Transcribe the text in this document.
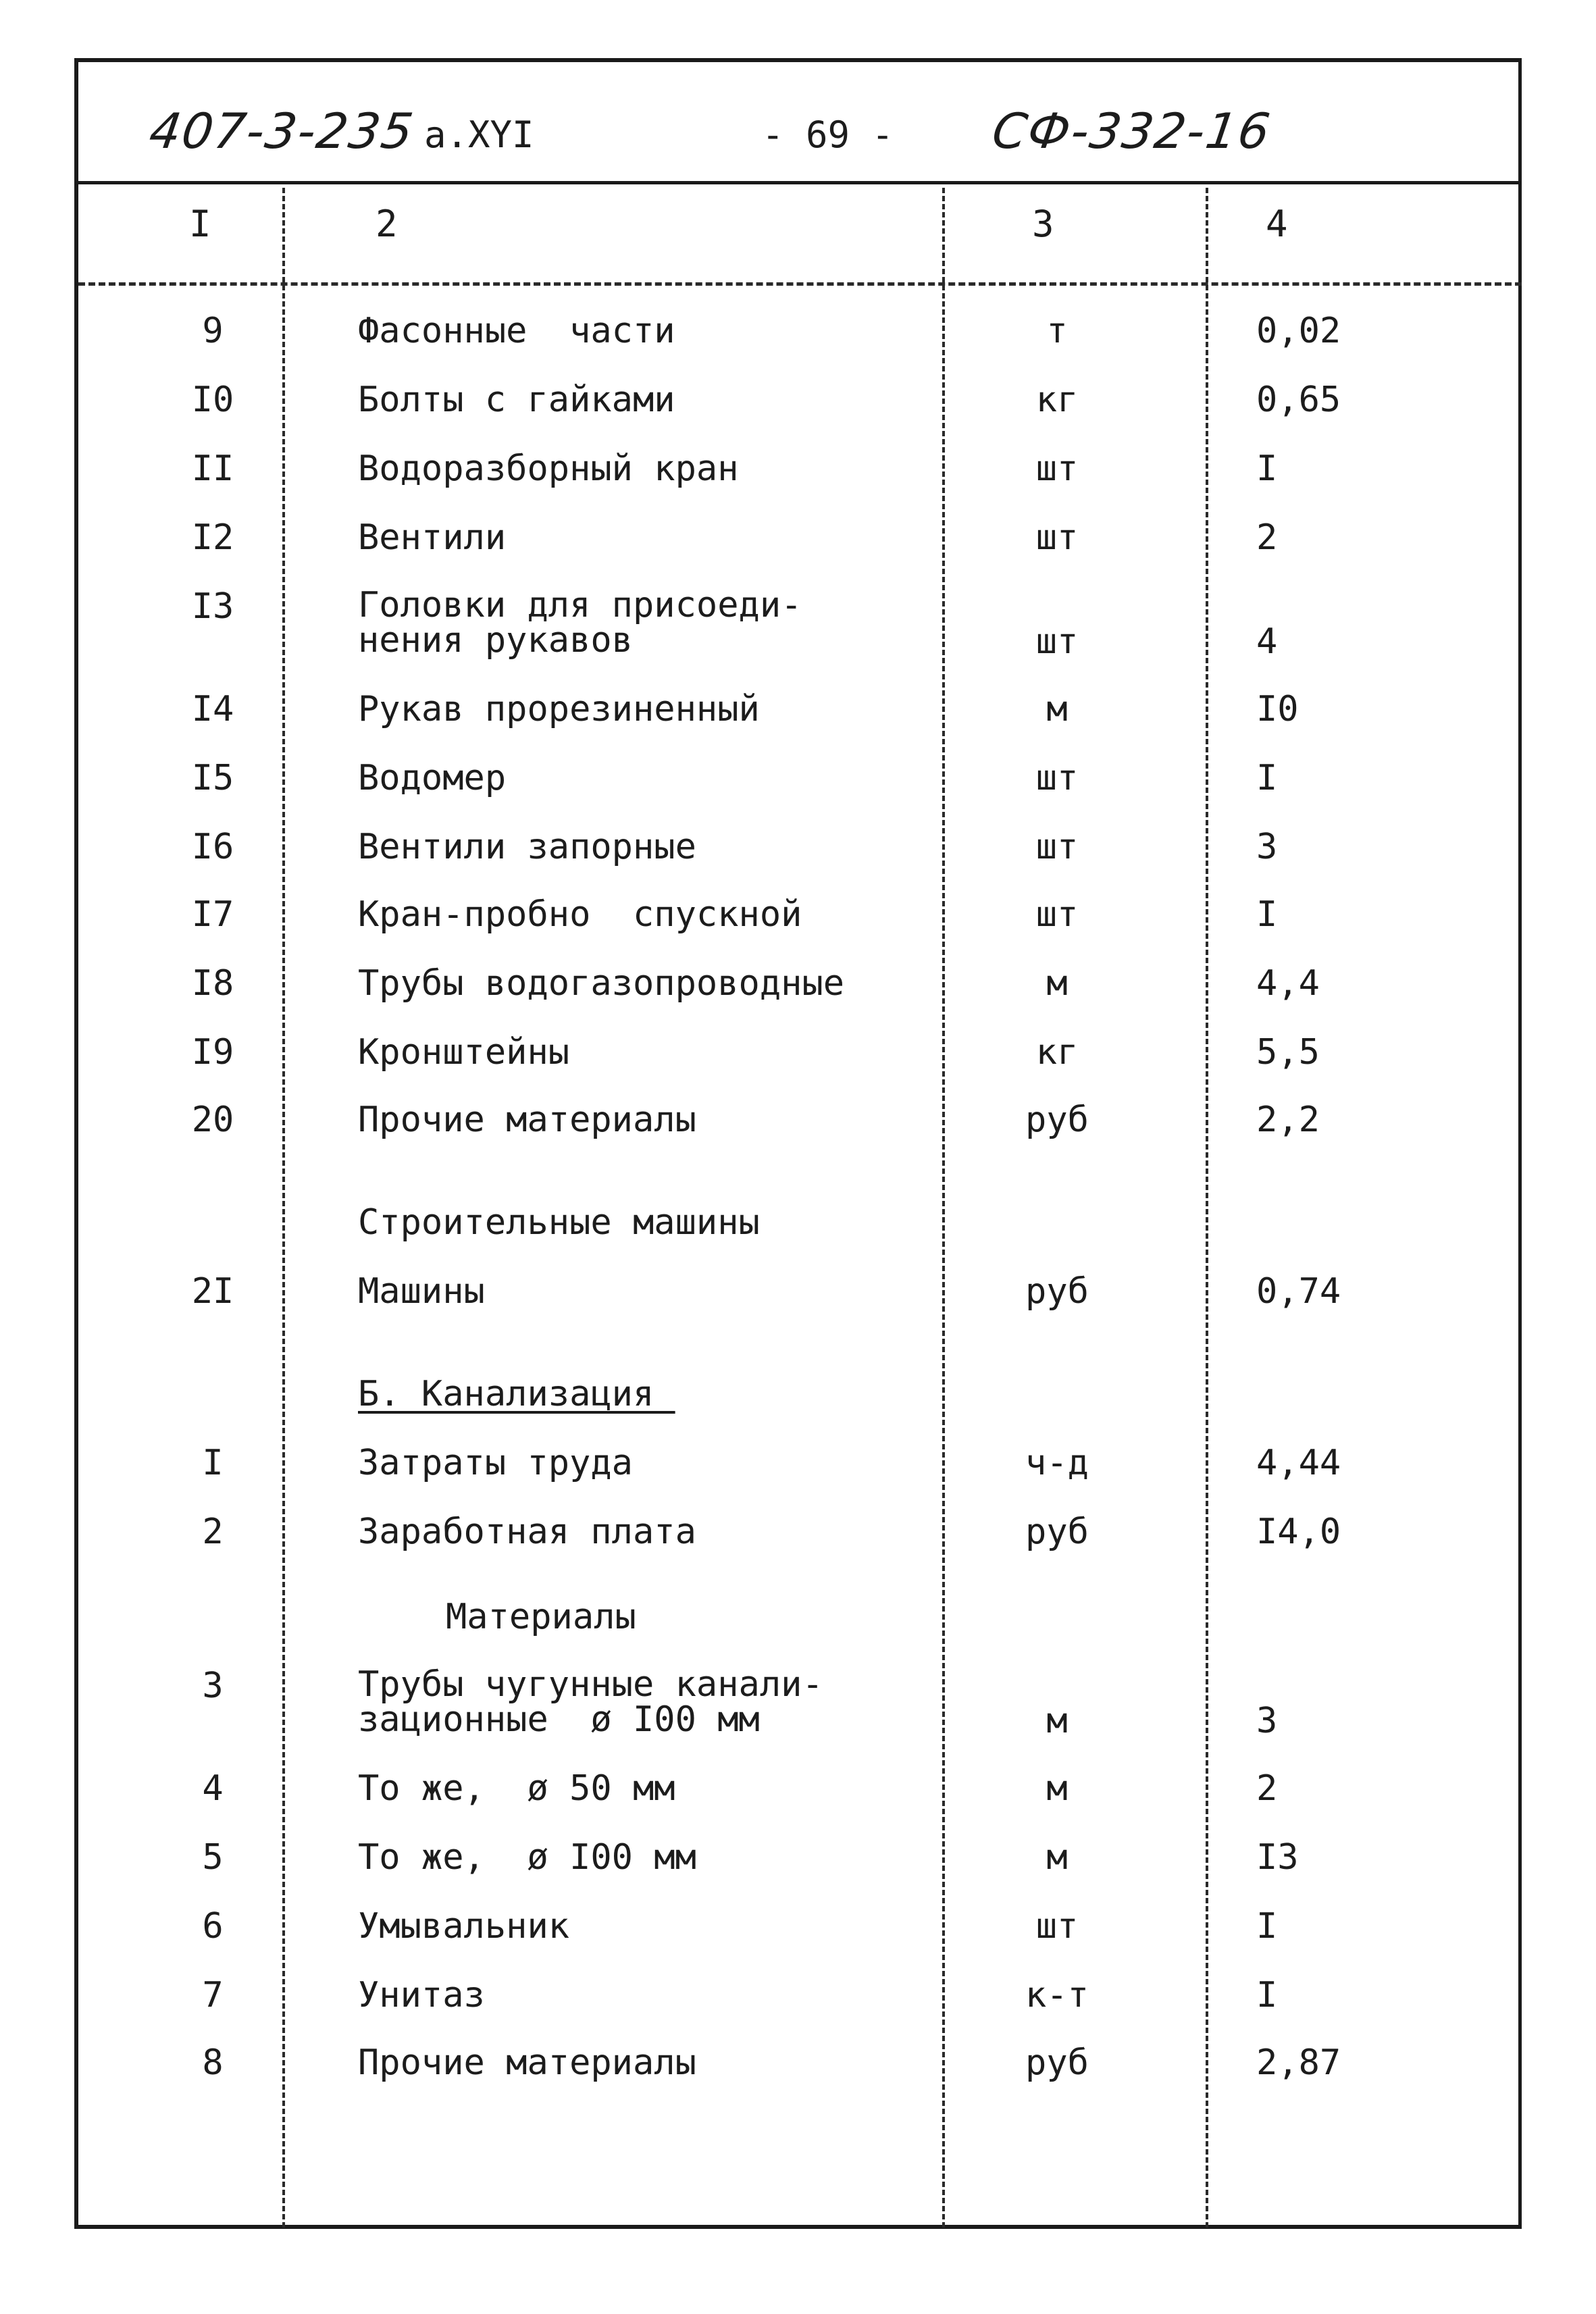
407-3-235 а.XYI	- 69 - СФ-332-16
I	2	3	4
9	Фасонные  части	т	0,02
I0	Болты с гайками	кг	0,65
II	Водоразборный кран	шт	I
I2	Вентили	шт	2
I3	Головки для присоеди-
нения рукавов	шт	4
I4	Рукав прорезиненный	м	I0
I5	Водомер	шт	I
I6	Вентили запорные	шт	3
I7	Кран-пробно  спускной	шт	I
I8	Трубы водогазопроводные	м	4,4
I9	Кронштейны	кг	5,5
20	Прочие материалы	руб	2,2
Строительные машины
2I	Машины	руб	0,74
Б. Канализация_
I	Затраты труда	ч-д	4,44
2	Заработная плата	руб	I4,0
Материалы
3	Трубы чугунные канали-
зационные  ø I00 мм	м	3
4	То же,  ø 50 мм	м	2
5	То же,  ø I00 мм	м	I3
6	Умывальник	шт	I
7	Унитаз	к-т	I
8	Прочие материалы	руб	2,87
